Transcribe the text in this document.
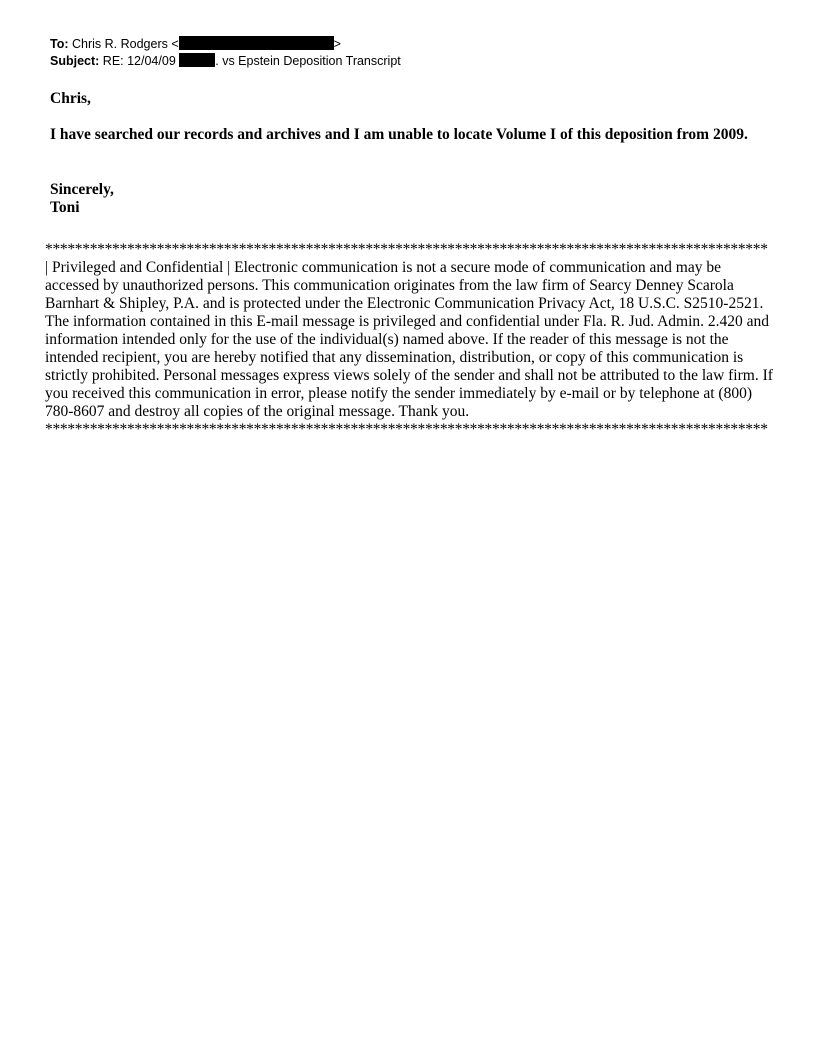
To: Chris R. Rodgers <	>
Subject: RE: 12/04/09	. vs Epstein Deposition Transcript

Chris,

I have searched our records and archives and I am unable to locate Volume I of this deposition from 2009.

Sincerely,
Toni
*************************************************************************************************

| Privileged and Confidential | Electronic communication is not a secure mode of communication and may be accessed by unauthorized persons. This communication originates from the law firm of Searcy Denney Scarola Barnhart & Shipley, P.A. and is protected under the Electronic Communication Privacy Act, 18 U.S.C. S2510-2521. The information contained in this E-mail message is privileged and confidential under Fla. R. Jud. Admin. 2.420 and information intended only for the use of the individual(s) named above. If the reader of this message is not the intended recipient, you are hereby notified that any dissemination, distribution, or copy of this communication is strictly prohibited. Personal messages express views solely of the sender and shall not be attributed to the law firm. If you received this communication in error, please notify the sender immediately by e-mail or by telephone at (800) 780-8607 and destroy all copies of the original message. Thank you.

*************************************************************************************************
